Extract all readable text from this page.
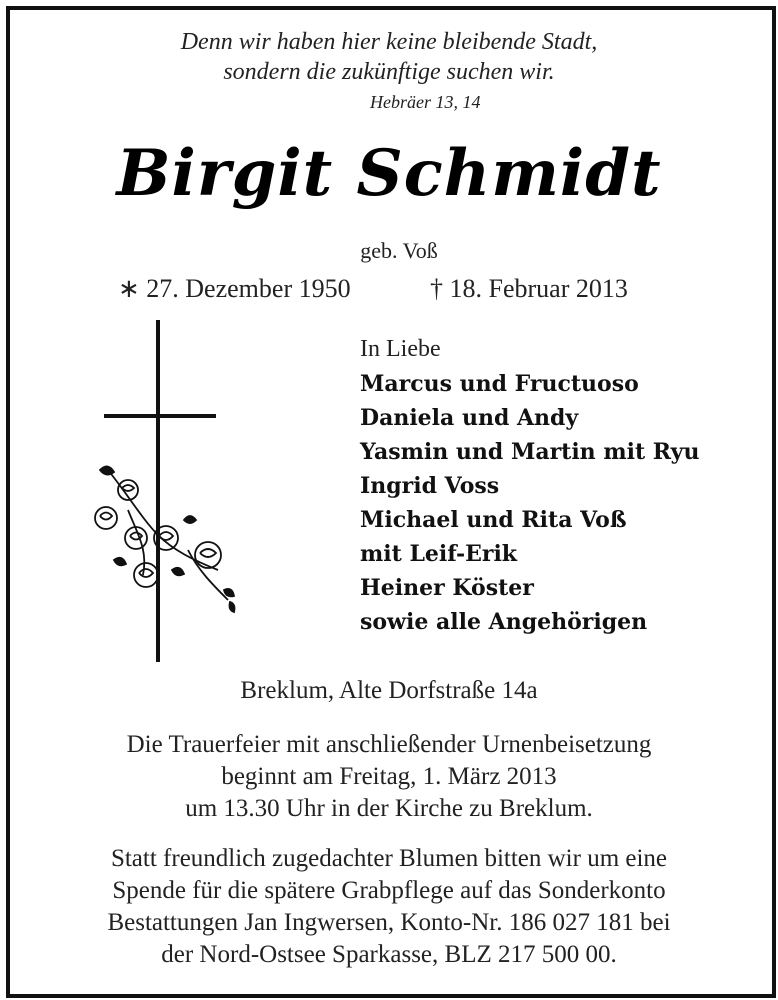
Denn wir haben hier keine bleibende Stadt,
sondern die zukünftige suchen wir.
Hebräer 13, 14
Birgit Schmidt
geb. Voß
∗ 27. Dezember 1950	† 18. Februar 2013
In Liebe
Marcus und Fructuoso
Daniela und Andy
Yasmin und Martin mit Ryu
Ingrid Voss
Michael und Rita Voß
mit Leif-Erik
Heiner Köster
sowie alle Angehörigen
Breklum, Alte Dorfstraße 14a
Die Trauerfeier mit anschließender Urnenbeisetzung
beginnt am Freitag, 1. März 2013
um 13.30 Uhr in der Kirche zu Breklum.
Statt freundlich zugedachter Blumen bitten wir um eine
Spende für die spätere Grabpflege auf das Sonderkonto
Bestattungen Jan Ingwersen, Konto-Nr. 186 027 181 bei
der Nord-Ostsee Sparkasse, BLZ 217 500 00.
